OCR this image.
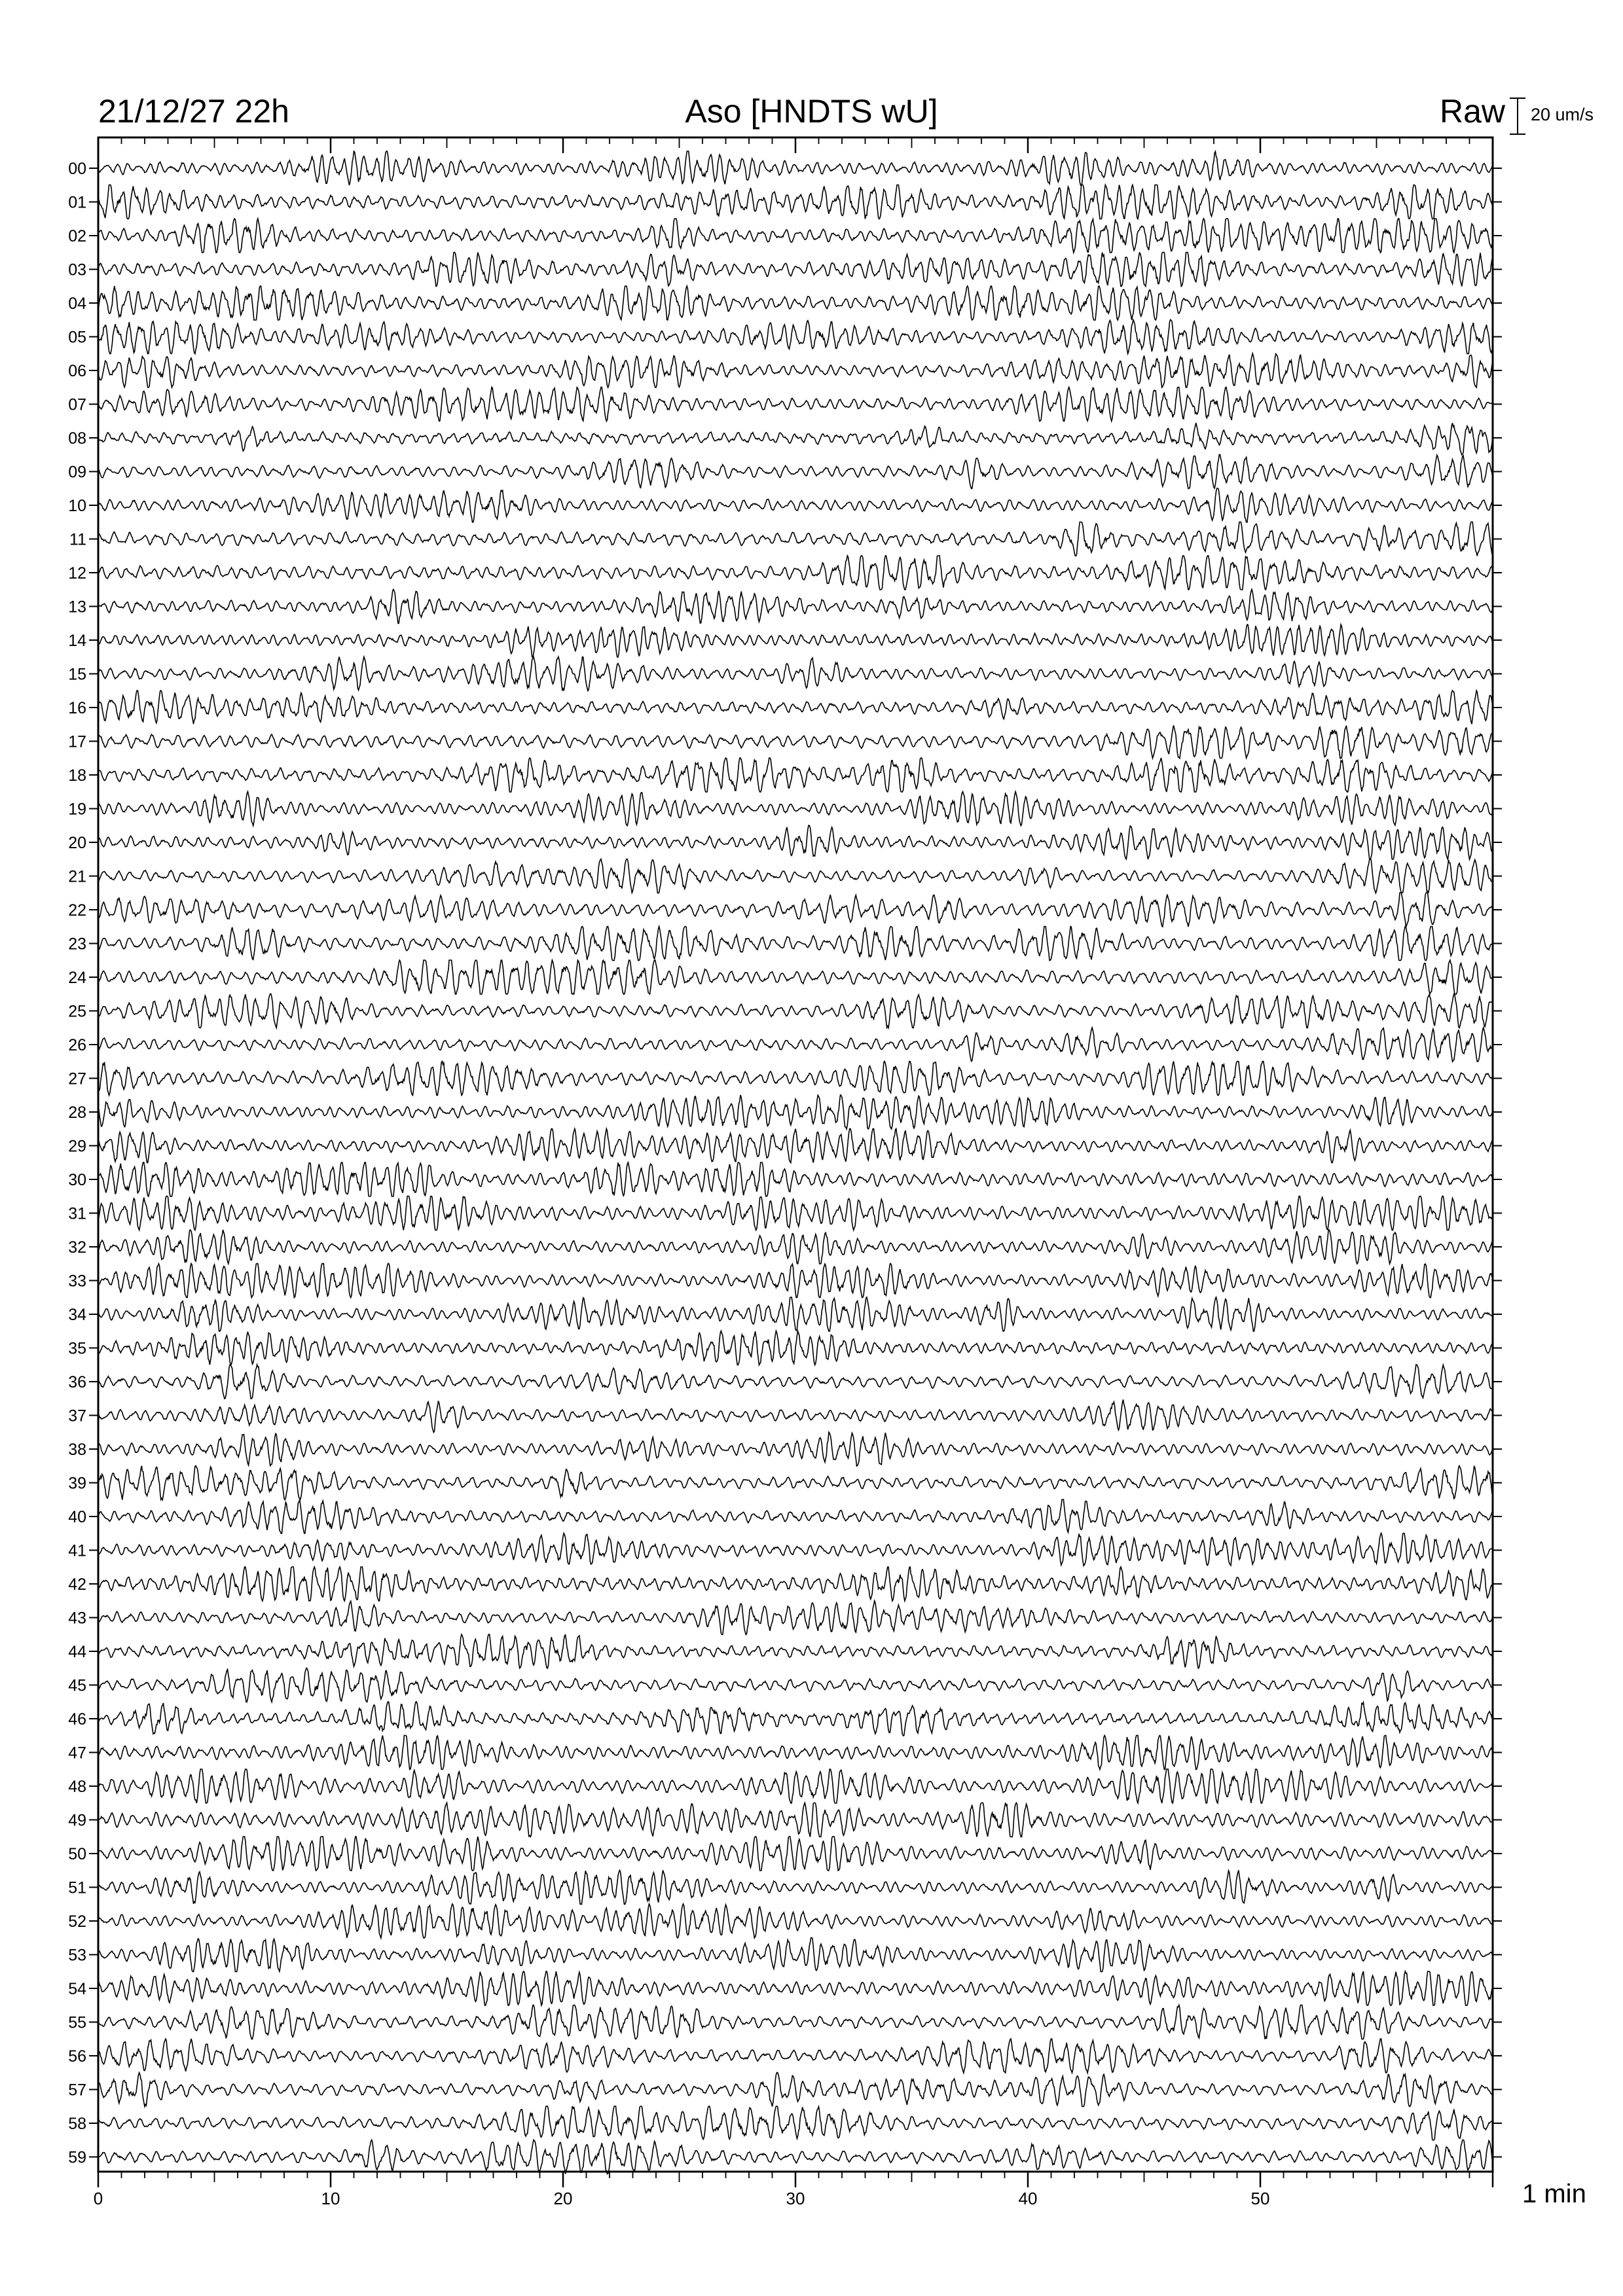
21/12/27 22h	Aso [HNDTS wU]	Raw 20 um/s
1 min
00
01
02
03
04
05
06
07
08
09
10
11
12
13
14
15
16
17
18
19
20
21
22
23
24
25
26
27
28
29
30
31
32
33
34
35
36
37
38
39
40
41
42
43
44
45
46
47
48
49
50
51
52
53
54
55
56
57
58
59
0	10	20	30	40	50
